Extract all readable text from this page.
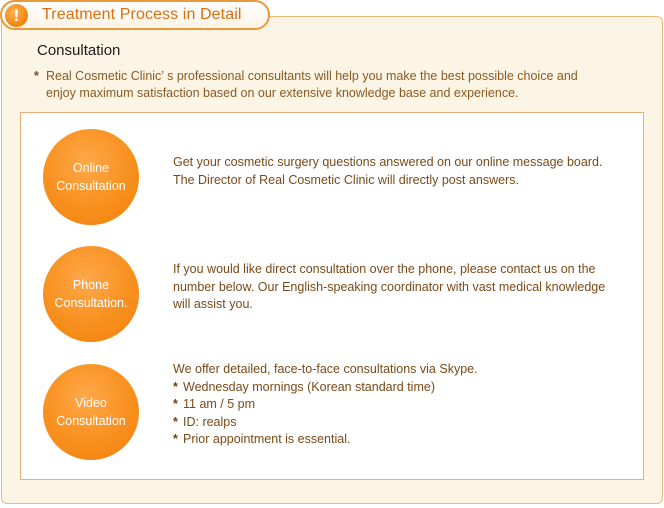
!	Treatment Process in Detail
Consultation
* Real Cosmetic Clinic’ s professional consultants will help you make the best possible choice and
enjoy maximum satisfaction based on our extensive knowledge base and experience.
Online
Consultation
Get your cosmetic surgery questions answered on our online message board.
The Director of Real Cosmetic Clinic will directly post answers.
Phone
Consultation.
If you would like direct consultation over the phone, please contact us on the
number below. Our English-speaking coordinator with vast medical knowledge
will assist you.
Video
Consultation
We offer detailed, face-to-face consultations via Skype.
* Wednesday mornings (Korean standard time)
* 11 am / 5 pm
* ID: realps
* Prior appointment is essential.
